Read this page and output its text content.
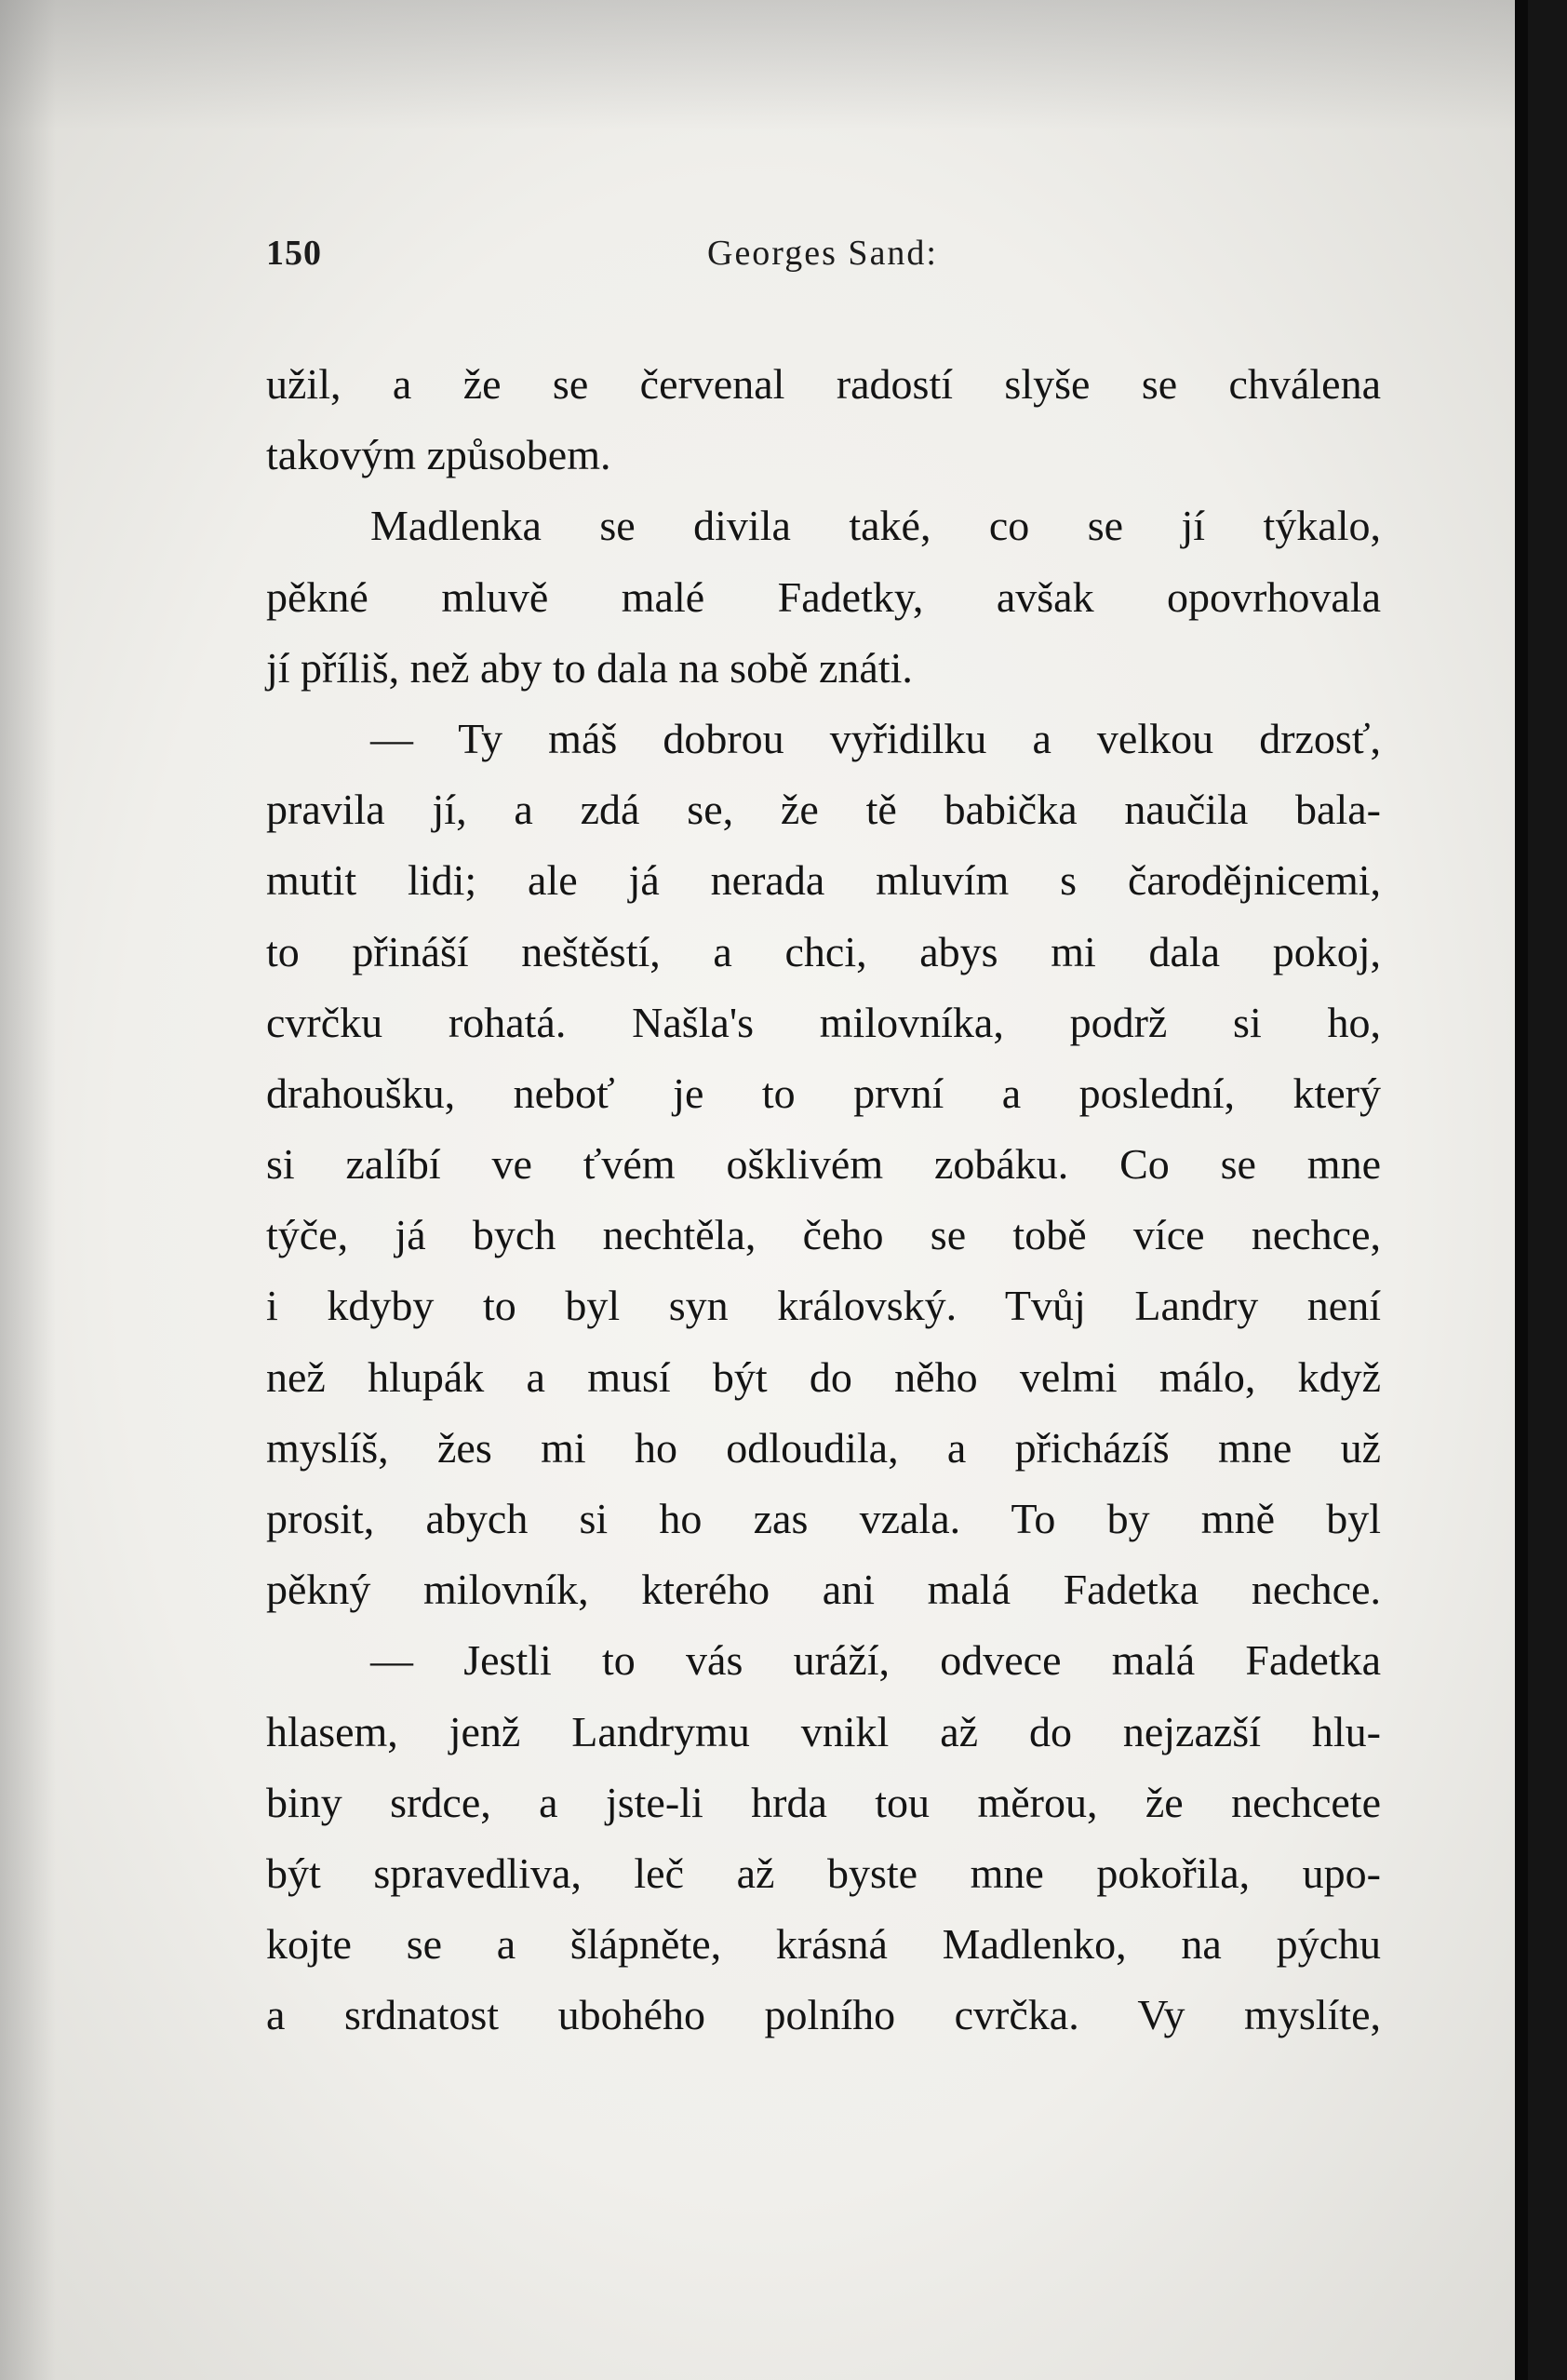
150	Georges Sand:
užil, a že se červenal radostí slyše se chválena
takovým způsobem.
Madlenka se divila také, co se jí týkalo,
pěkné mluvě malé Fadetky, avšak opovrhovala
jí příliš, než aby to dala na sobě znáti.
— Ty máš dobrou vyřidilku a velkou drzosť,
pravila jí, a zdá se, že tě babička naučila bala-
mutit lidi; ale já nerada mluvím s čarodějnicemi,
to přináší neštěstí, a chci, abys mi dala pokoj,
cvrčku rohatá. Našla's milovníka, podrž si ho,
drahoušku, neboť je to první a poslední, který
si zalíbí ve ťvém ošklivém zobáku. Co se mne
týče, já bych nechtěla, čeho se tobě více nechce,
i kdyby to byl syn královský. Tvůj Landry není
než hlupák a musí být do něho velmi málo, když
myslíš, žes mi ho odloudila, a přicházíš mne už
prosit, abych si ho zas vzala. To by mně byl
pěkný milovník, kterého ani malá Fadetka nechce.
— Jestli to vás uráží, odvece malá Fadetka
hlasem, jenž Landrymu vnikl až do nejzazší hlu-
biny srdce, a jste-li hrda tou měrou, že nechcete
být spravedliva, leč až byste mne pokořila, upo-
kojte se a šlápněte, krásná Madlenko, na pýchu
a srdnatost ubohého polního cvrčka. Vy myslíte,
